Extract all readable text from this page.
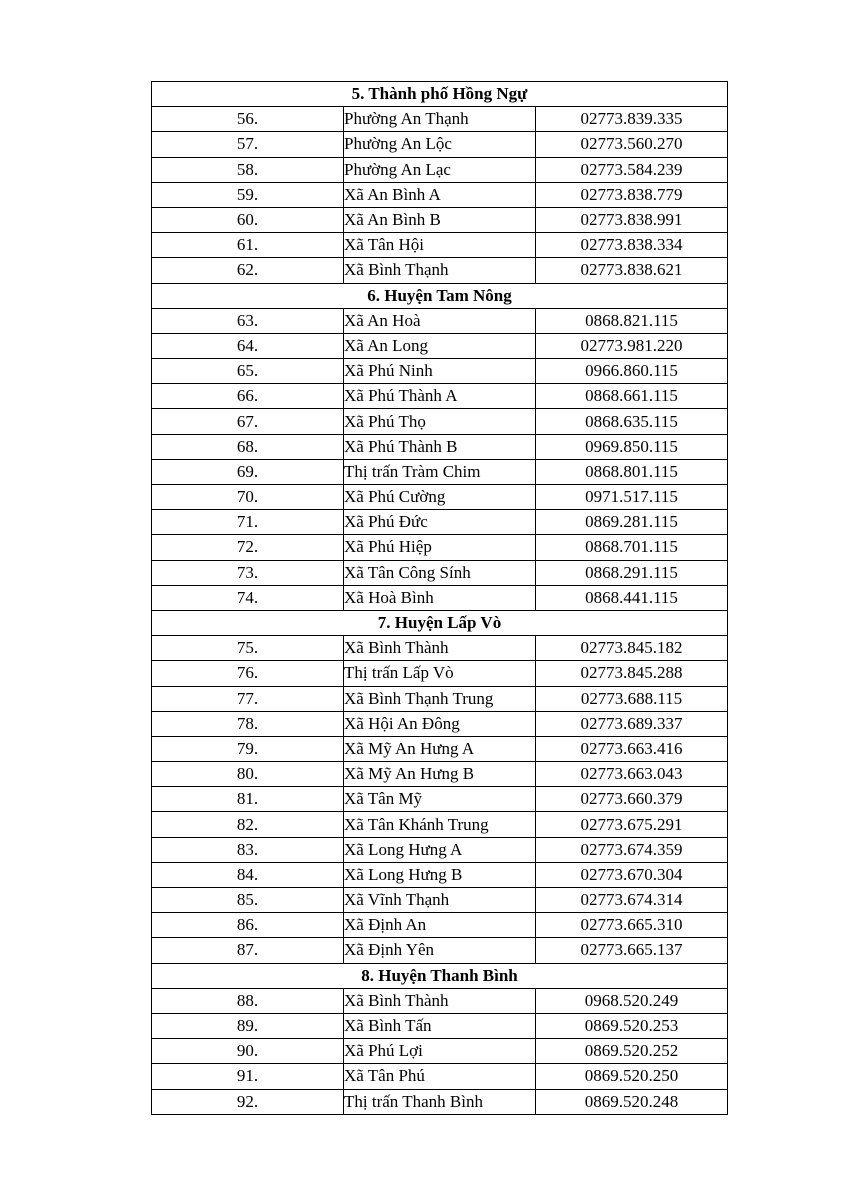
5. Thành phố Hồng Ngự		
56.	Phường An Thạnh	02773.839.335
57.	Phường An Lộc	02773.560.270
58.	Phường An Lạc	02773.584.239
59.	Xã An Bình A	02773.838.779
60.	Xã An Bình B	02773.838.991
61.	Xã Tân Hội	02773.838.334
62.	Xã Bình Thạnh	02773.838.621
6. Huyện Tam Nông		
63.	Xã An Hoà	0868.821.115
64.	Xã An Long	02773.981.220
65.	Xã Phú Ninh	0966.860.115
66.	Xã Phú Thành A	0868.661.115
67.	Xã Phú Thọ	0868.635.115
68.	Xã Phú Thành B	0969.850.115
69.	Thị trấn Tràm Chim	0868.801.115
70.	Xã Phú Cường	0971.517.115
71.	Xã Phú Đức	0869.281.115
72.	Xã Phú Hiệp	0868.701.115
73.	Xã Tân Công Sính	0868.291.115
74.	Xã Hoà Bình	0868.441.115
7. Huyện Lấp Vò		
75.	Xã Bình Thành	02773.845.182
76.	Thị trấn Lấp Vò	02773.845.288
77.	Xã Bình Thạnh Trung	02773.688.115
78.	Xã Hội An Đông	02773.689.337
79.	Xã Mỹ An Hưng A	02773.663.416
80.	Xã Mỹ An Hưng B	02773.663.043
81.	Xã Tân Mỹ	02773.660.379
82.	Xã Tân Khánh Trung	02773.675.291
83.	Xã Long Hưng A	02773.674.359
84.	Xã Long Hưng B	02773.670.304
85.	Xã Vĩnh Thạnh	02773.674.314
86.	Xã Định An	02773.665.310
87.	Xã Định Yên	02773.665.137
8. Huyện Thanh Bình		
88.	Xã Bình Thành	0968.520.249
89.	Xã Bình Tấn	0869.520.253
90.	Xã Phú Lợi	0869.520.252
91.	Xã Tân Phú	0869.520.250
92.	Thị trấn Thanh Bình	0869.520.248
